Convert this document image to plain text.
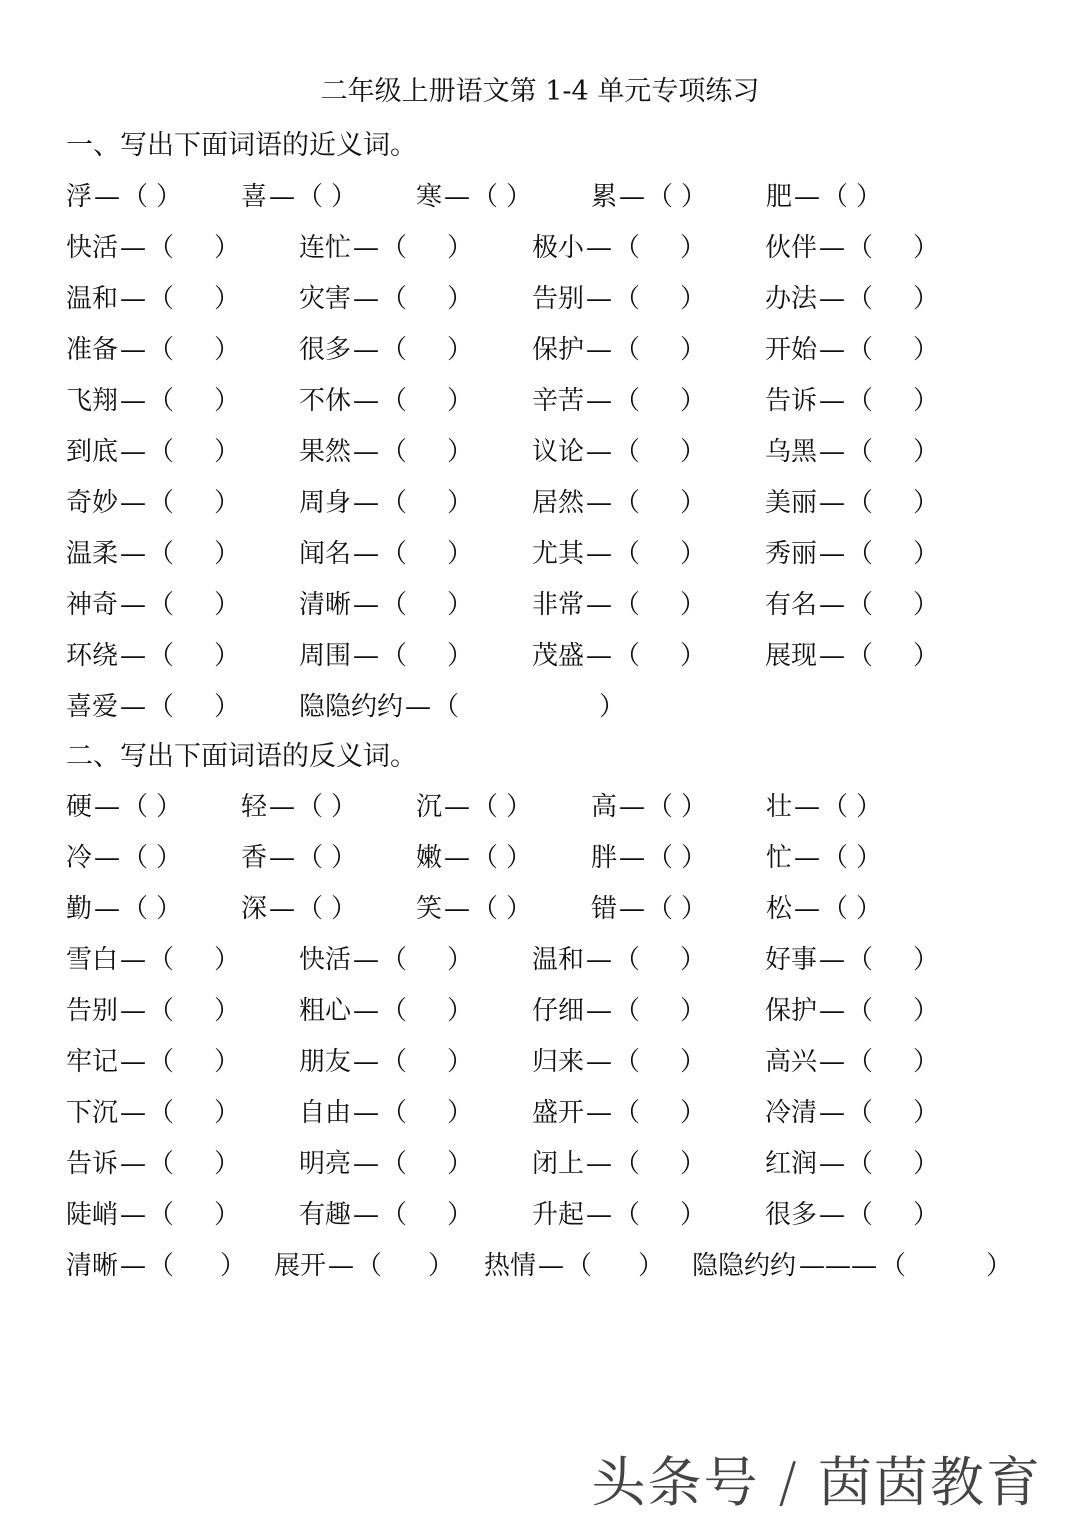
二年级上册语文第 1-4 单元专项练习
一、写出下面词语的近义词。
浮—（ ） 喜—（ ） 寒—（ ） 累—（ ） 肥—（ ）
快活—（ ） 连忙—（ ） 极小—（ ） 伙伴—（ ）
温和—（ ） 灾害—（ ） 告别—（ ） 办法—（ ）
准备—（ ） 很多—（ ） 保护—（ ） 开始—（ ）
飞翔—（ ） 不休—（ ） 辛苦—（ ） 告诉—（ ）
到底—（ ） 果然—（ ） 议论—（ ） 乌黑—（ ）
奇妙—（ ） 周身—（ ） 居然—（ ） 美丽—（ ）
温柔—（ ） 闻名—（ ） 尤其—（ ） 秀丽—（ ）
神奇—（ ） 清晰—（ ） 非常—（ ） 有名—（ ）
环绕—（ ） 周围—（ ） 茂盛—（ ） 展现—（ ）
喜爱—（ ） 隐隐约约—（	）
二、写出下面词语的反义词。
硬—（ ） 轻—（ ） 沉—（ ） 高—（ ） 壮—（ ）
冷—（ ） 香—（ ） 嫩—（ ） 胖—（ ） 忙—（ ）
勤—（ ） 深—（ ） 笑—（ ） 错—（ ） 松—（ ）
雪白—（ ） 快活—（ ） 温和—（ ） 好事—（ ）
告别—（ ） 粗心—（ ） 仔细—（ ） 保护—（ ）
牢记—（ ） 朋友—（ ） 归来—（ ） 高兴—（ ）
下沉—（ ） 自由—（ ） 盛开—（ ） 冷清—（ ）
告诉—（ ） 明亮—（ ） 闭上—（ ） 红润—（ ）
陡峭—（ ） 有趣—（ ） 升起—（ ） 很多—（ ）
清晰—（ ） 展开—（ ） 热情—（ ） 隐隐约约 ——— （	）
头条号 / 茵茵教育
